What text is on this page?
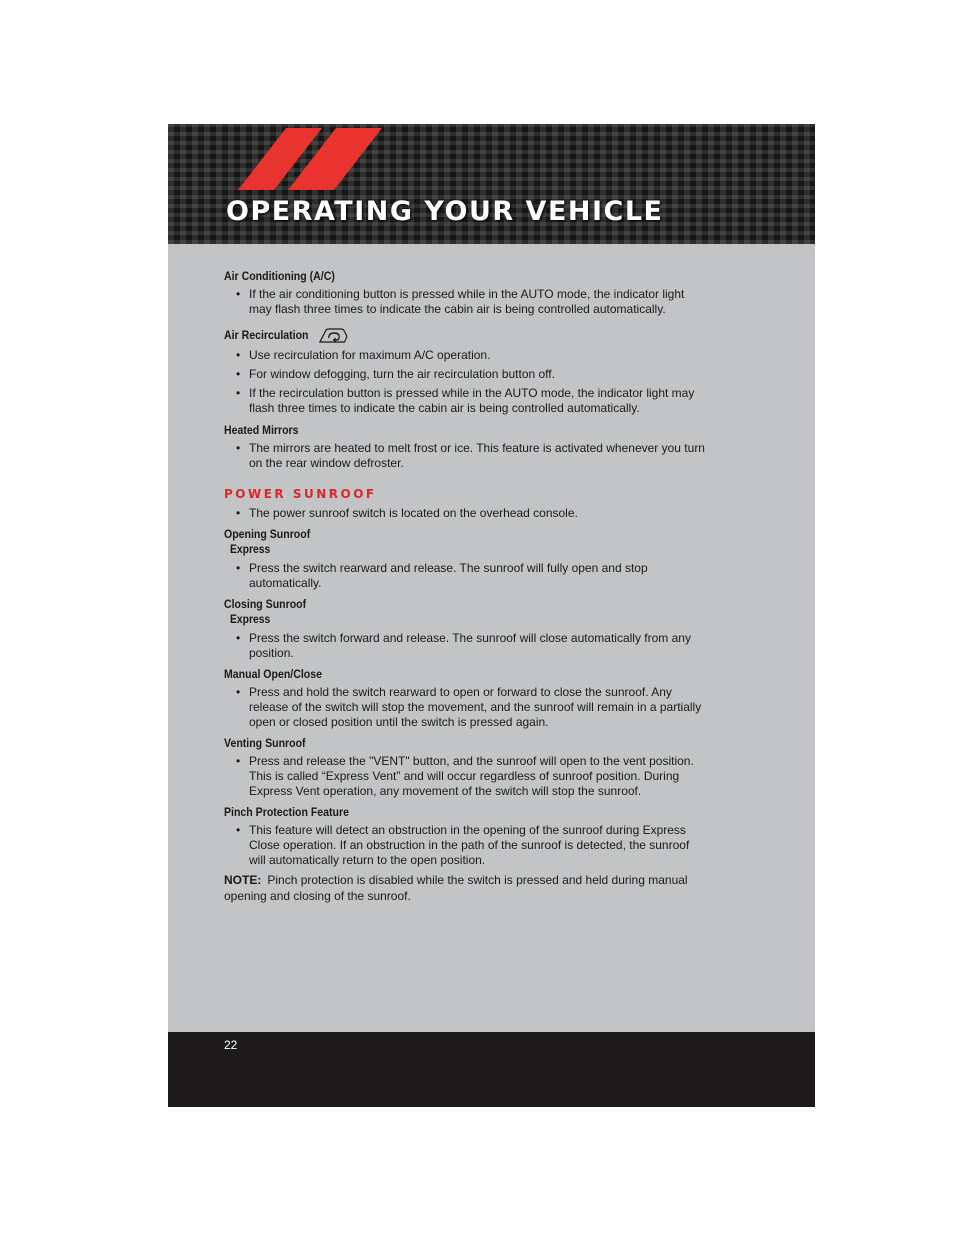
OPERATING YOUR VEHICLE

Air Conditioning (A/C)

• If the air conditioning button is pressed while in the AUTO mode, the indicator light may flash three times to indicate the cabin air is being controlled automatically.

Air Recirculation

• Use recirculation for maximum A/C operation.
• For window defogging, turn the air recirculation button off.
• If the recirculation button is pressed while in the AUTO mode, the indicator light may flash three times to indicate the cabin air is being controlled automatically.

Heated Mirrors

• The mirrors are heated to melt frost or ice. This feature is activated whenever you turn on the rear window defroster.

POWER SUNROOF

• The power sunroof switch is located on the overhead console.

Opening Sunroof

Express

• Press the switch rearward and release. The sunroof will fully open and stop automatically.

Closing Sunroof

Express

• Press the switch forward and release. The sunroof will close automatically from any position.

Manual Open/Close

• Press and hold the switch rearward to open or forward to close the sunroof. Any release of the switch will stop the movement, and the sunroof will remain in a partially open or closed position until the switch is pressed again.

Venting Sunroof

• Press and release the "VENT" button, and the sunroof will open to the vent position. This is called “Express Vent” and will occur regardless of sunroof position. During Express Vent operation, any movement of the switch will stop the sunroof.

Pinch Protection Feature

• This feature will detect an obstruction in the opening of the sunroof during Express Close operation. If an obstruction in the path of the sunroof is detected, the sunroof will automatically return to the open position.

NOTE: Pinch protection is disabled while the switch is pressed and held during manual opening and closing of the sunroof.

22
